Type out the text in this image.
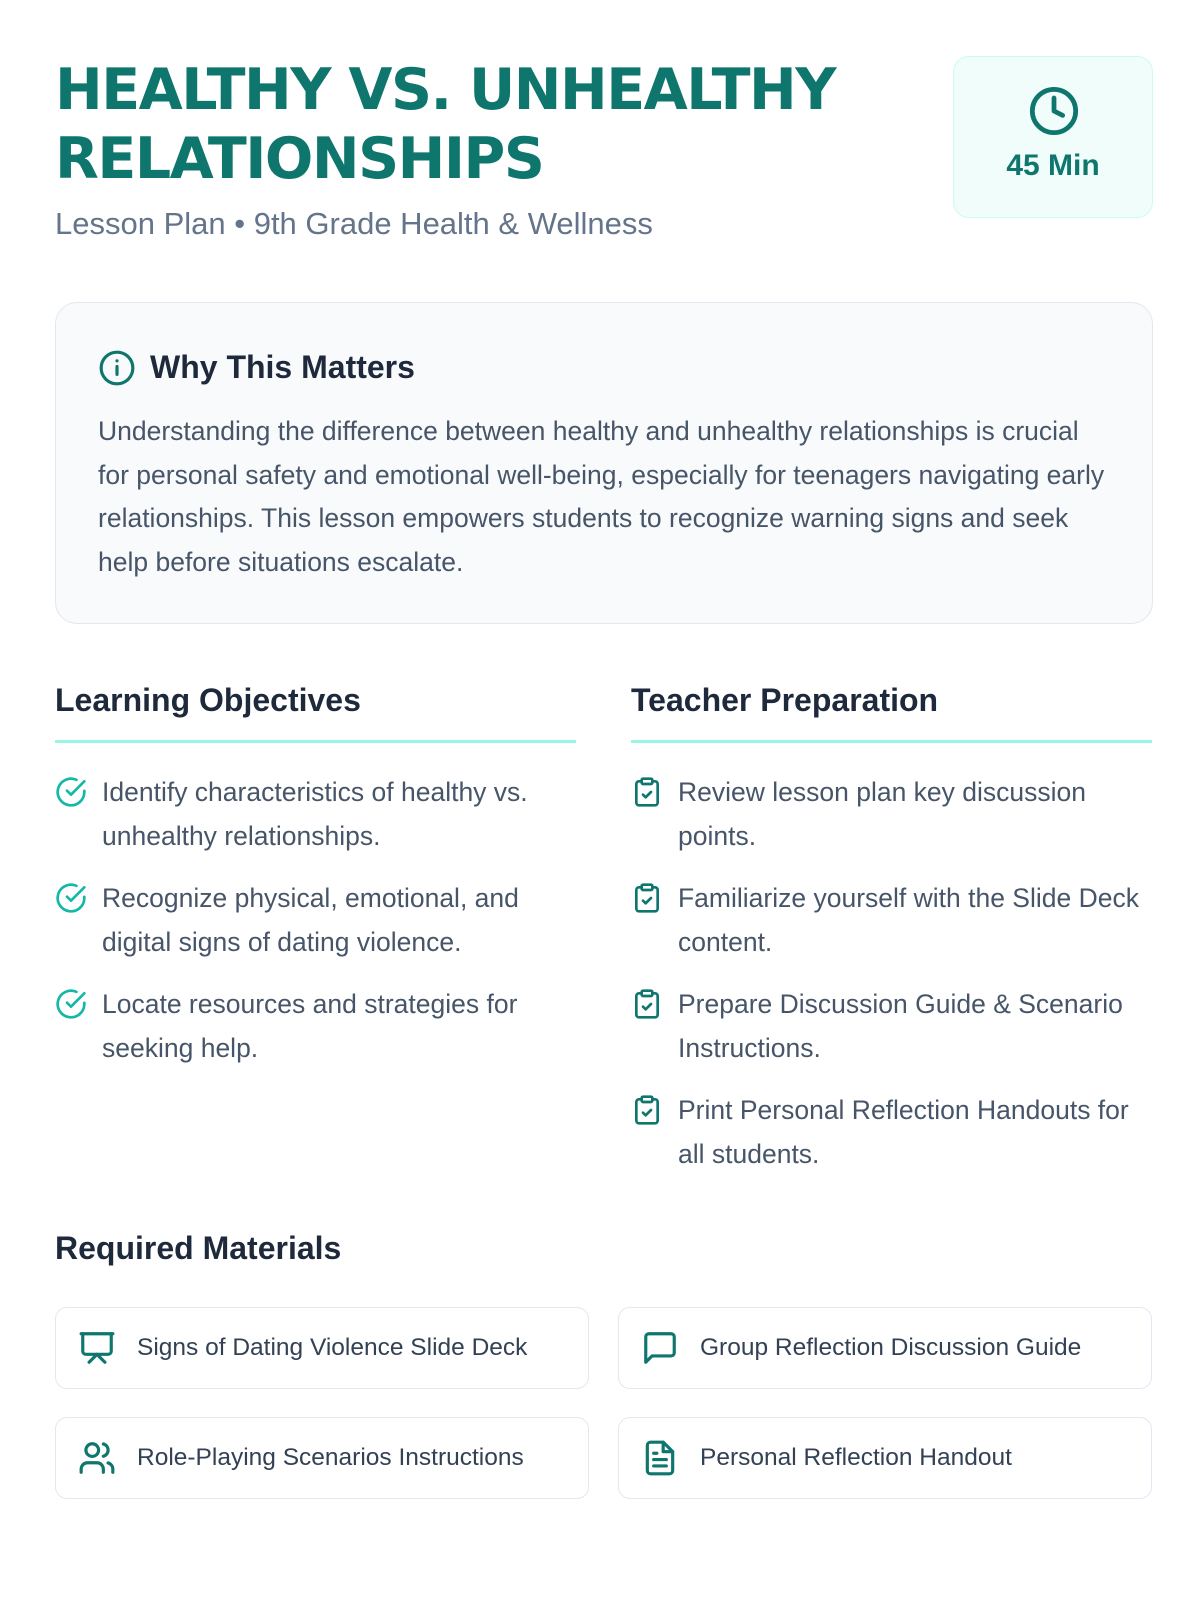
HEALTHY VS. UNHEALTHY RELATIONSHIPS
Lesson Plan • 9th Grade Health & Wellness
45 Min
Why This Matters

Understanding the difference between healthy and unhealthy relationships is crucial for personal safety and emotional well-being, especially for teenagers navigating early relationships. This lesson empowers students to recognize warning signs and seek help before situations escalate.

Learning Objectives
Identify characteristics of healthy vs. unhealthy relationships.
Recognize physical, emotional, and digital signs of dating violence.
Locate resources and strategies for seeking help.
Teacher Preparation
Review lesson plan key discussion points.
Familiarize yourself with the Slide Deck content.
Prepare Discussion Guide & Scenario Instructions.
Print Personal Reflection Handouts for all students.
Required Materials
Signs of Dating Violence Slide Deck	Group Reflection Discussion Guide
Role-Playing Scenarios Instructions	Personal Reflection Handout
